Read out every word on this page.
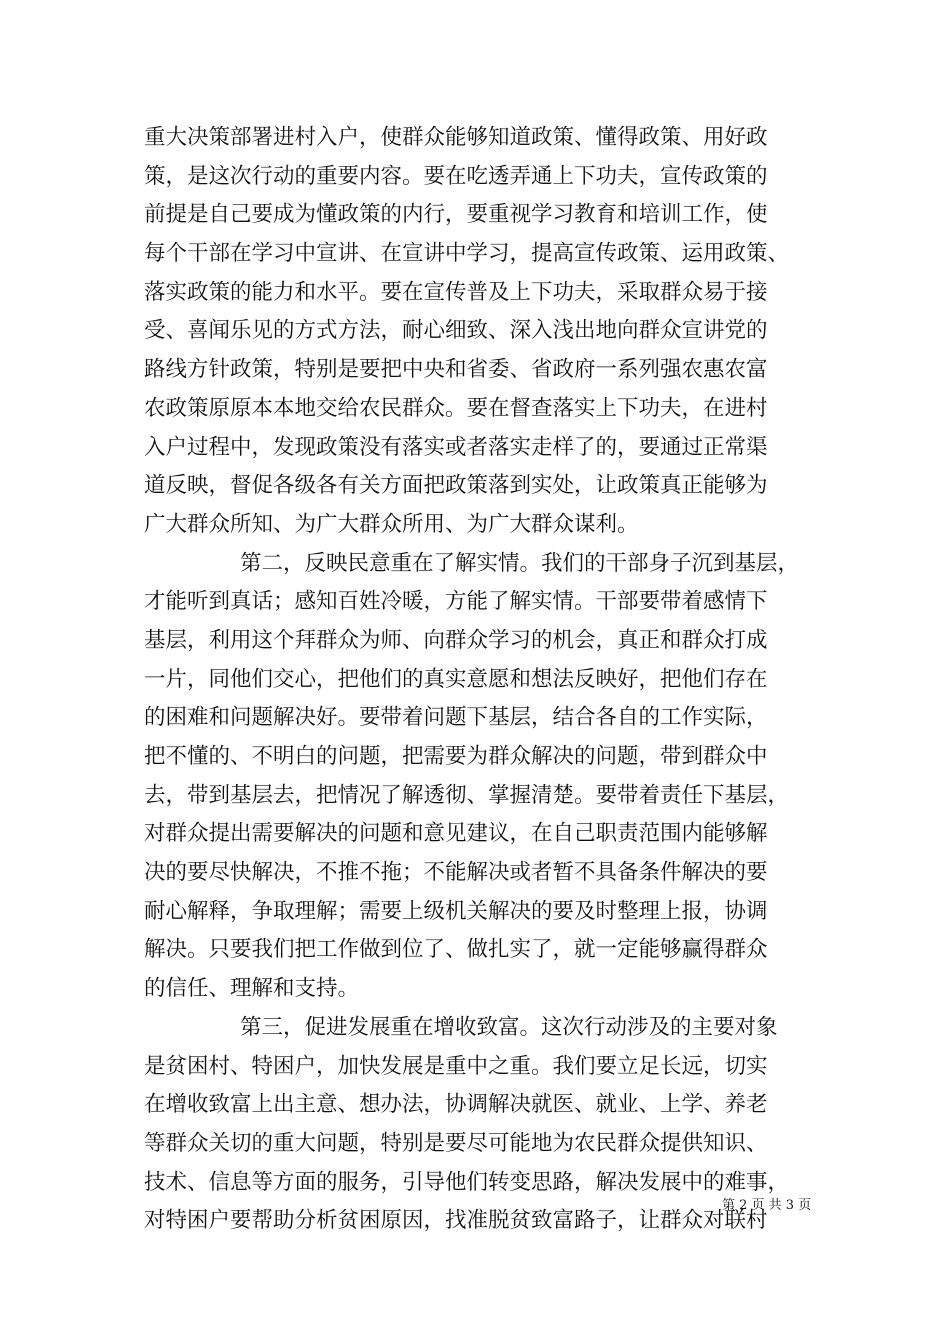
重大决策部署进村入户，使群众能够知道政策、懂得政策、用好政
策，是这次行动的重要内容。要在吃透弄通上下功夫，宣传政策的
前提是自己要成为懂政策的内行，要重视学习教育和培训工作，使
每个干部在学习中宣讲、在宣讲中学习，提高宣传政策、运用政策、
落实政策的能力和水平。要在宣传普及上下功夫，采取群众易于接
受、喜闻乐见的方式方法，耐心细致、深入浅出地向群众宣讲党的
路线方针政策，特别是要把中央和省委、省政府一系列强农惠农富
农政策原原本本地交给农民群众。要在督查落实上下功夫，在进村
入户过程中，发现政策没有落实或者落实走样了的，要通过正常渠
道反映，督促各级各有关方面把政策落到实处，让政策真正能够为
广大群众所知、为广大群众所用、为广大群众谋利。
第二，反映民意重在了解实情。我们的干部身子沉到基层，
才能听到真话；感知百姓冷暖，方能了解实情。干部要带着感情下
基层，利用这个拜群众为师、向群众学习的机会，真正和群众打成
一片，同他们交心，把他们的真实意愿和想法反映好，把他们存在
的困难和问题解决好。要带着问题下基层，结合各自的工作实际，
把不懂的、不明白的问题，把需要为群众解决的问题，带到群众中
去，带到基层去，把情况了解透彻、掌握清楚。要带着责任下基层，
对群众提出需要解决的问题和意见建议，在自己职责范围内能够解
决的要尽快解决，不推不拖；不能解决或者暂不具备条件解决的要
耐心解释，争取理解；需要上级机关解决的要及时整理上报，协调
解决。只要我们把工作做到位了、做扎实了，就一定能够赢得群众
的信任、理解和支持。
第三，促进发展重在增收致富。这次行动涉及的主要对象
是贫困村、特困户，加快发展是重中之重。我们要立足长远，切实
在增收致富上出主意、想办法，协调解决就医、就业、上学、养老
等群众关切的重大问题，特别是要尽可能地为农民群众提供知识、
技术、信息等方面的服务，引导他们转变思路，解决发展中的难事，
对特困户要帮助分析贫困原因，找准脱贫致富路子，让群众对联村
第 2 页 共 3 页
